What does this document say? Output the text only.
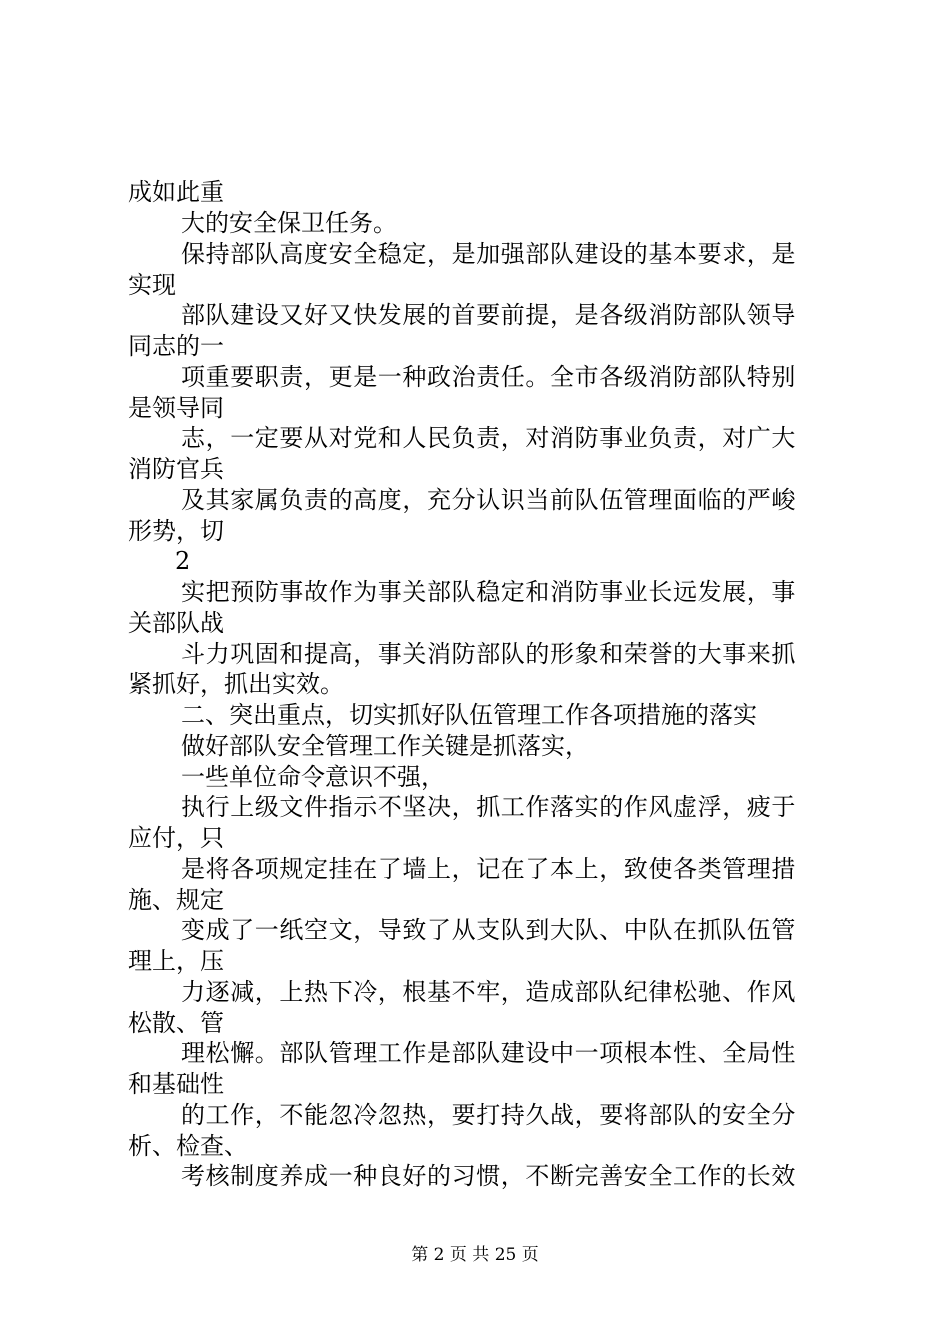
成如此重
大的安全保卫任务。
保持部队高度安全稳定，是加强部队建设的基本要求，是
实现
部队建设又好又快发展的首要前提，是各级消防部队领导
同志的一
项重要职责，更是一种政治责任。全市各级消防部队特别
是领导同
志，一定要从对党和人民负责，对消防事业负责，对广大
消防官兵
及其家属负责的高度，充分认识当前队伍管理面临的严峻
形势，切
2
实把预防事故作为事关部队稳定和消防事业长远发展，事
关部队战
斗力巩固和提高，事关消防部队的形象和荣誉的大事来抓
紧抓好，抓出实效。
二、突出重点，切实抓好队伍管理工作各项措施的落实
做好部队安全管理工作关键是抓落实，
一些单位命令意识不强，
执行上级文件指示不坚决，抓工作落实的作风虚浮，疲于
应付，只
是将各项规定挂在了墙上，记在了本上，致使各类管理措
施、规定
变成了一纸空文，导致了从支队到大队、中队在抓队伍管
理上，压
力逐减，上热下冷，根基不牢，造成部队纪律松驰、作风
松散、管
理松懈。部队管理工作是部队建设中一项根本性、全局性
和基础性
的工作，不能忽冷忽热，要打持久战，要将部队的安全分
析、检查、
考核制度养成一种良好的习惯，不断完善安全工作的长效
第 2 页 共 25 页
